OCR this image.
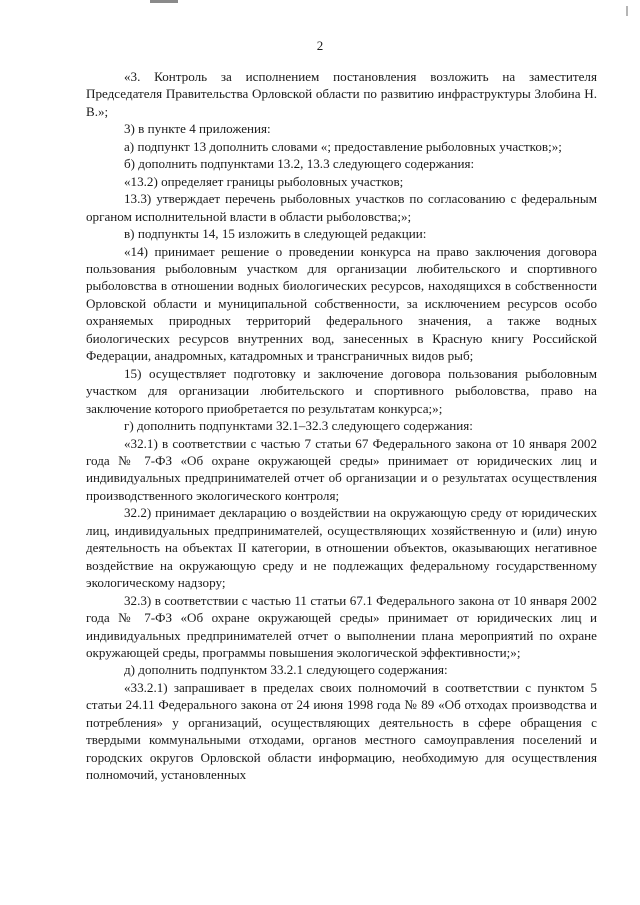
2

«3. Контроль за исполнением постановления возложить на заместителя Председателя Правительства Орловской области по развитию инфраструктуры Злобина Н. В.»;

3) в пункте 4 приложения:

а) подпункт 13 дополнить словами «; предоставление рыболовных участков;»;

б) дополнить подпунктами 13.2, 13.3 следующего содержания:

«13.2) определяет границы рыболовных участков;

13.3) утверждает перечень рыболовных участков по согласованию с федеральным органом исполнительной власти в области рыболовства;»;

в) подпункты 14, 15 изложить в следующей редакции:

«14) принимает решение о проведении конкурса на право заключения договора пользования рыболовным участком для организации любительского и спортивного рыболовства в отношении водных биологических ресурсов, находящихся в собственности Орловской области и муниципальной собственности, за исключением ресурсов особо охраняемых природных территорий федерального значения, а также водных биологических ресурсов внутренних вод, занесенных в Красную книгу Российской Федерации, анадромных, катадромных и трансграничных видов рыб;

15) осуществляет подготовку и заключение договора пользования рыболовным участком для организации любительского и спортивного рыболовства, право на заключение которого приобретается по результатам конкурса;»;

г) дополнить подпунктами 32.1–32.3 следующего содержания:

«32.1) в соответствии с частью 7 статьи 67 Федерального закона от 10 января 2002 года № 7-ФЗ «Об охране окружающей среды» принимает от юридических лиц и индивидуальных предпринимателей отчет об организации и о результатах осуществления производственного экологического контроля;

32.2) принимает декларацию о воздействии на окружающую среду от юридических лиц, индивидуальных предпринимателей, осуществляющих хозяйственную и (или) иную деятельность на объектах II категории, в отношении объектов, оказывающих негативное воздействие на окружающую среду и не подлежащих федеральному государственному экологическому надзору;

32.3) в соответствии с частью 11 статьи 67.1 Федерального закона от 10 января 2002 года № 7-ФЗ «Об охране окружающей среды» принимает от юридических лиц и индивидуальных предпринимателей отчет о выполнении плана мероприятий по охране окружающей среды, программы повышения экологической эффективности;»;

д) дополнить подпунктом 33.2.1 следующего содержания:

«33.2.1) запрашивает в пределах своих полномочий в соответствии с пунктом 5 статьи 24.11 Федерального закона от 24 июня 1998 года № 89 «Об отходах производства и потребления» у организаций, осуществляющих деятельность в сфере обращения с твердыми коммунальными отходами, органов местного самоуправления поселений и городских округов Орловской области информацию, необходимую для осуществления полномочий, установленных
